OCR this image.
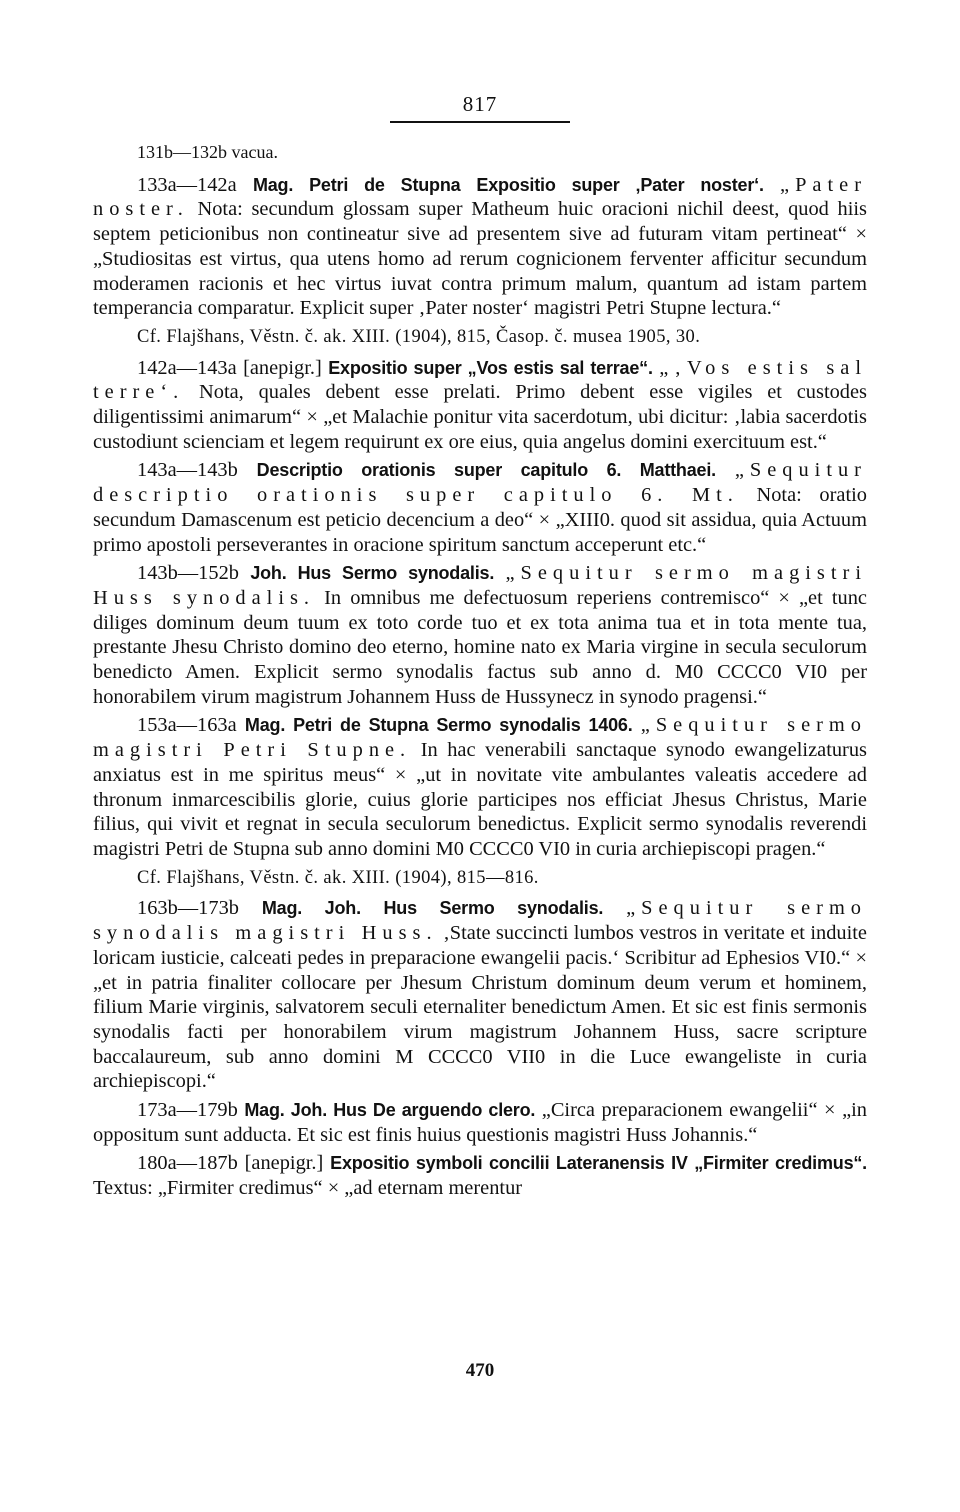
817

131b—132b vacua.

133a—142a Mag. Petri de Stupna Expositio super ‚Pater noster‘. „Pater noster. Nota: secundum glossam super Matheum huic oracioni nichil deest, quod hiis septem peticionibus non contineatur sive ad presentem sive ad futuram vitam pertineat“ × „Studiositas est virtus, qua utens homo ad rerum cognicionem ferventer afficitur secundum moderamen racionis et hec virtus iuvat contra primum malum, quantum ad istam partem temperancia comparatur. Explicit super ‚Pater noster‘ magistri Petri Stupne lectura.“

Cf. Flajšhans, Věstn. č. ak. XIII. (1904), 815, Časop. č. musea 1905, 30.

142a—143a [anepigr.] Expositio super „Vos estis sal terrae“. „‚Vos estis sal terre‘. Nota, quales debent esse prelati. Primo debent esse vigiles et custodes diligentissimi animarum“ × „et Malachie ponitur vita sacerdotum, ubi dicitur: ‚labia sacerdotis custodiunt scienciam et legem requirunt ex ore eius, quia angelus domini exercituum est.“

143a—143b Descriptio orationis super capitulo 6. Matthaei. „Sequitur descriptio orationis super capitulo 6. Mt. Nota: oratio secundum Damascenum est peticio decencium a deo“ × „XIII0. quod sit assidua, quia Actuum primo apostoli perseverantes in oracione spiritum sanctum acceperunt etc.“

143b—152b Joh. Hus Sermo synodalis. „Sequitur sermo magistri Huss synodalis. In omnibus me defectuosum reperiens contremisco“ × „et tunc diliges dominum deum tuum ex toto corde tuo et ex tota anima tua et in tota mente tua, prestante Jhesu Christo domino deo eterno, homine nato ex Maria virgine in secula seculorum benedicto Amen. Explicit sermo synodalis factus sub anno d. M0 CCCC0 VI0 per honorabilem virum magistrum Johannem Huss de Hussynecz in synodo pragensi.“

153a—163a Mag. Petri de Stupna Sermo synodalis 1406. „Sequitur sermo magistri Petri Stupne. In hac venerabili sanctaque synodo ewangelizaturus anxiatus est in me spiritus meus“ × „ut in novitate vite ambulantes valeatis accedere ad thronum inmarcescibilis glorie, cuius glorie participes nos efficiat Jhesus Christus, Marie filius, qui vivit et regnat in secula seculorum benedictus. Explicit sermo synodalis reverendi magistri Petri de Stupna sub anno domini M0 CCCC0 VI0 in curia archiepiscopi pragen.“

Cf. Flajšhans, Věstn. č. ak. XIII. (1904), 815—816.

163b—173b Mag. Joh. Hus Sermo synodalis. „Sequitur sermo synodalis magistri Huss. ‚State succincti lumbos vestros in veritate et induite loricam iusticie, calceati pedes in preparacione ewangelii pacis.‘ Scribitur ad Ephesios VI0.“ × „et in patria finaliter collocare per Jhesum Christum dominum deum verum et hominem, filium Marie virginis, salvatorem seculi eternaliter benedictum Amen. Et sic est finis sermonis synodalis facti per honorabilem virum magistrum Johannem Huss, sacre scripture baccalaureum, sub anno domini M CCCC0 VII0 in die Luce ewangeliste in curia archiepiscopi.“

173a—179b Mag. Joh. Hus De arguendo clero. „Circa preparacionem ewangelii“ × „in oppositum sunt adducta. Et sic est finis huius questionis magistri Huss Johannis.“

180a—187b [anepigr.] Expositio symboli concilii Lateranensis IV „Firmiter credimus“. Textus: „Firmiter credimus“ × „ad eternam merentur

470
